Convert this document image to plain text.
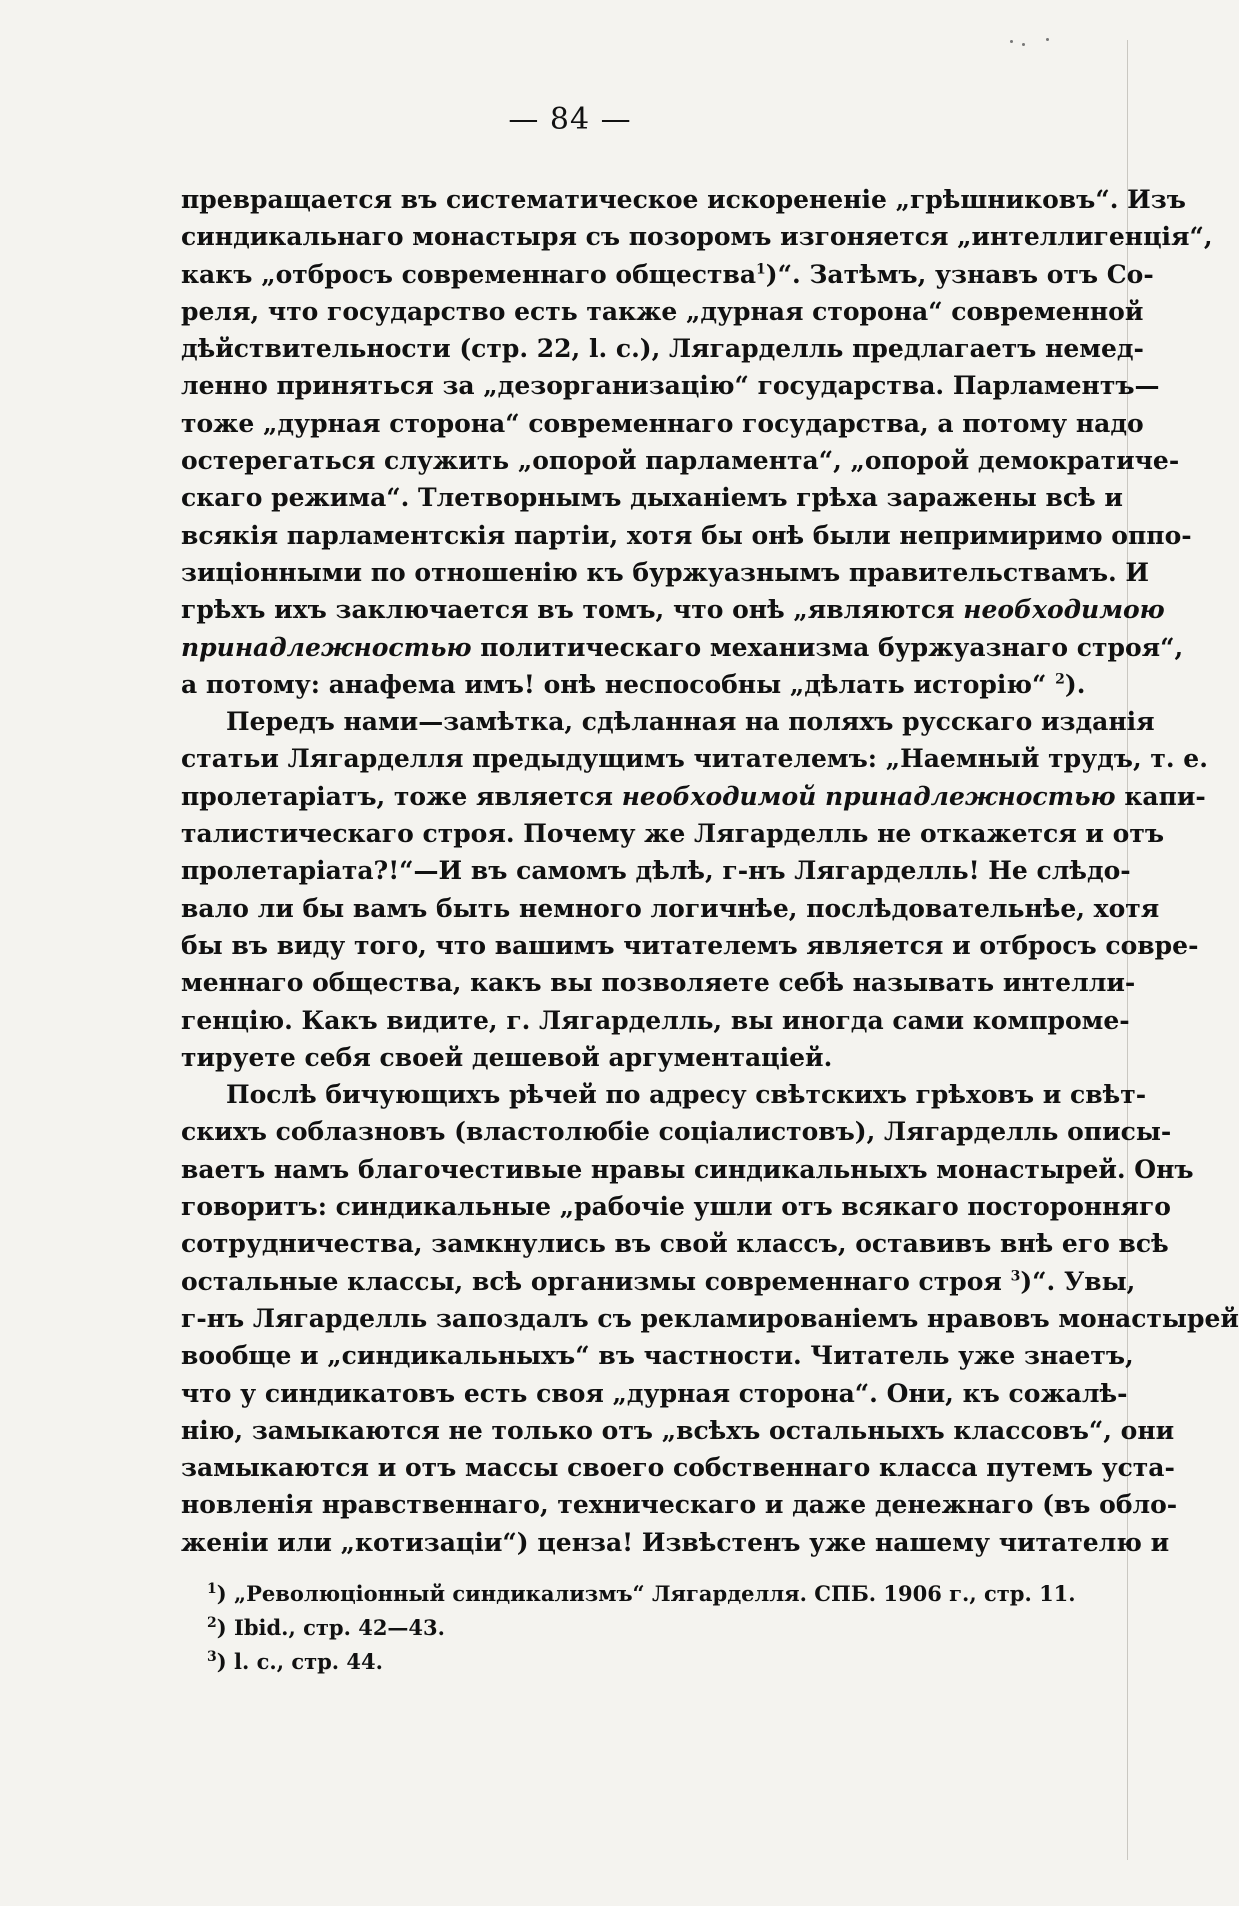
— 84 —
превращается въ систематическое искорененіе „грѣшниковъ“. Изъ
синдикальнаго монастыря съ позоромъ изгоняется „интеллигенція“,
какъ „отбросъ современнаго общества$^1$)“. Затѣмъ, узнавъ отъ Со-
реля, что государство есть также „дурная сторона“ современной
дѣйствительности (стр. 22, l. c.), Лягарделль предлагаетъ немед-
ленно приняться за „дезорганизацію“ государства. Парламентъ—
тоже „дурная сторона“ современнаго государства, а потому надо
остерегаться служить „опорой парламента“, „опорой демократиче-
скаго режима“. Тлетворнымъ дыханіемъ грѣха заражены всѣ и
всякія парламентскія партіи, хотя бы онѣ были непримиримо оппо-
зиціонными по отношенію къ буржуазнымъ правительствамъ. И
грѣхъ ихъ заключается въ томъ, что онѣ „являются необходимою
принадлежностью политическаго механизма буржуазнаго строя“,
а потому: анафема имъ! онѣ неспособны „дѣлать исторію“ $^2$).
Передъ нами—замѣтка, сдѣланная на поляхъ русскаго изданія
статьи Лягарделля предыдущимъ читателемъ: „Наемный трудъ, т. е.
пролетаріатъ, тоже является необходимой принадлежностью капи-
талистическаго строя. Почему же Лягарделль не откажется и отъ
пролетаріата?!“—И въ самомъ дѣлѣ, г-нъ Лягарделль! Не слѣдо-
вало ли бы вамъ быть немного логичнѣе, послѣдовательнѣе, хотя
бы въ виду того, что вашимъ читателемъ является и отбросъ совре-
меннаго общества, какъ вы позволяете себѣ называть интелли-
генцію. Какъ видите, г. Лягарделль, вы иногда сами компроме-
тируете себя своей дешевой аргументаціей.
Послѣ бичующихъ рѣчей по адресу свѣтскихъ грѣховъ и свѣт-
скихъ соблазновъ (властолюбіе соціалистовъ), Лягарделль описы-
ваетъ намъ благочестивые нравы синдикальныхъ монастырей. Онъ
говоритъ: синдикальные „рабочіе ушли отъ всякаго посторонняго
сотрудничества, замкнулись въ свой классъ, оставивъ внѣ его всѣ
остальные классы, всѣ организмы современнаго строя $^3$)“. Увы,
г-нъ Лягарделль запоздалъ съ рекламированіемъ нравовъ монастырей
вообще и „синдикальныхъ“ въ частности. Читатель уже знаетъ,
что у синдикатовъ есть своя „дурная сторона“. Они, къ сожалѣ-
нію, замыкаются не только отъ „всѣхъ остальныхъ классовъ“, они
замыкаются и отъ массы своего собственнаго класса путемъ уста-
новленія нравственнаго, техническаго и даже денежнаго (въ обло-
женіи или „котизаціи“) ценза! Извѣстенъ уже нашему читателю и
$^1$) „Революціонный синдикализмъ“ Лягарделля. СПБ. 1906 г., стр. 11.
$^2$) Ibid., стр. 42—43.
$^3$) l. c., стр. 44.
